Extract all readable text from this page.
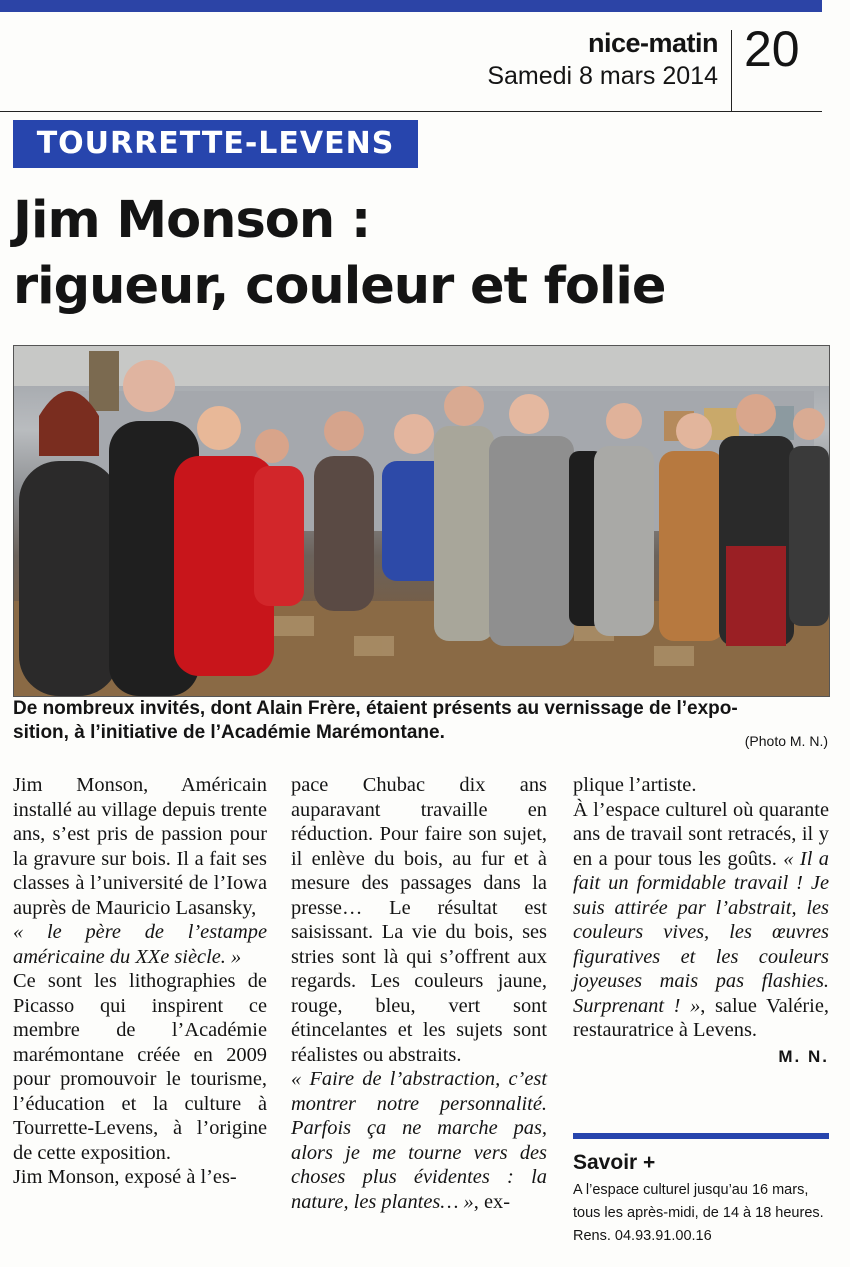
nice-matin
Samedi 8 mars 2014 20
TOURRETTE-LEVENS
Jim Monson :
rigueur, couleur et folie
De nombreux invités, dont Alain Frère, étaient présents au vernissage de l’expo-
sition, à l’initiative de l’Académie Marémontane.	(Photo M. N.)

Jim Monson, Américain installé au village depuis trente ans, s’est pris de passion pour la gravure sur bois. Il a fait ses classes à l’université de l’Iowa auprès de Mauricio Lasansky,

« le père de l’estampe américaine du XXe siècle. »

Ce sont les lithographies de Picasso qui inspirent ce membre de l’Académie marémontane créée en 2009 pour promouvoir le tourisme, l’éducation et la culture à Tourrette-Levens, à l’origine de cette exposition.

Jim Monson, exposé à l’es-

pace Chubac dix ans auparavant travaille en réduction. Pour faire son sujet, il enlève du bois, au fur et à mesure des passages dans la presse… Le résultat est saisissant. La vie du bois, ses stries sont là qui s’offrent aux regards. Les couleurs jaune, rouge, bleu, vert sont étincelantes et les sujets sont réalistes ou abstraits.

« Faire de l’abstraction, c’est montrer notre personnalité. Parfois ça ne marche pas, alors je me tourne vers des choses plus évidentes : la nature, les plantes… », ex-

plique l’artiste.

À l’espace culturel où quarante ans de travail sont retracés, il y en a pour tous les goûts. « Il a fait un formidable travail ! Je suis attirée par l’abstrait, les couleurs vives, les œuvres figuratives et les couleurs joyeuses mais pas flashies. Surprenant ! », salue Valérie, restauratrice à Levens.

M. N.

Savoir +

A l’espace culturel jusqu’au 16 mars, tous les après-midi, de 14 à 18 heures.

Rens. 04.93.91.00.16
